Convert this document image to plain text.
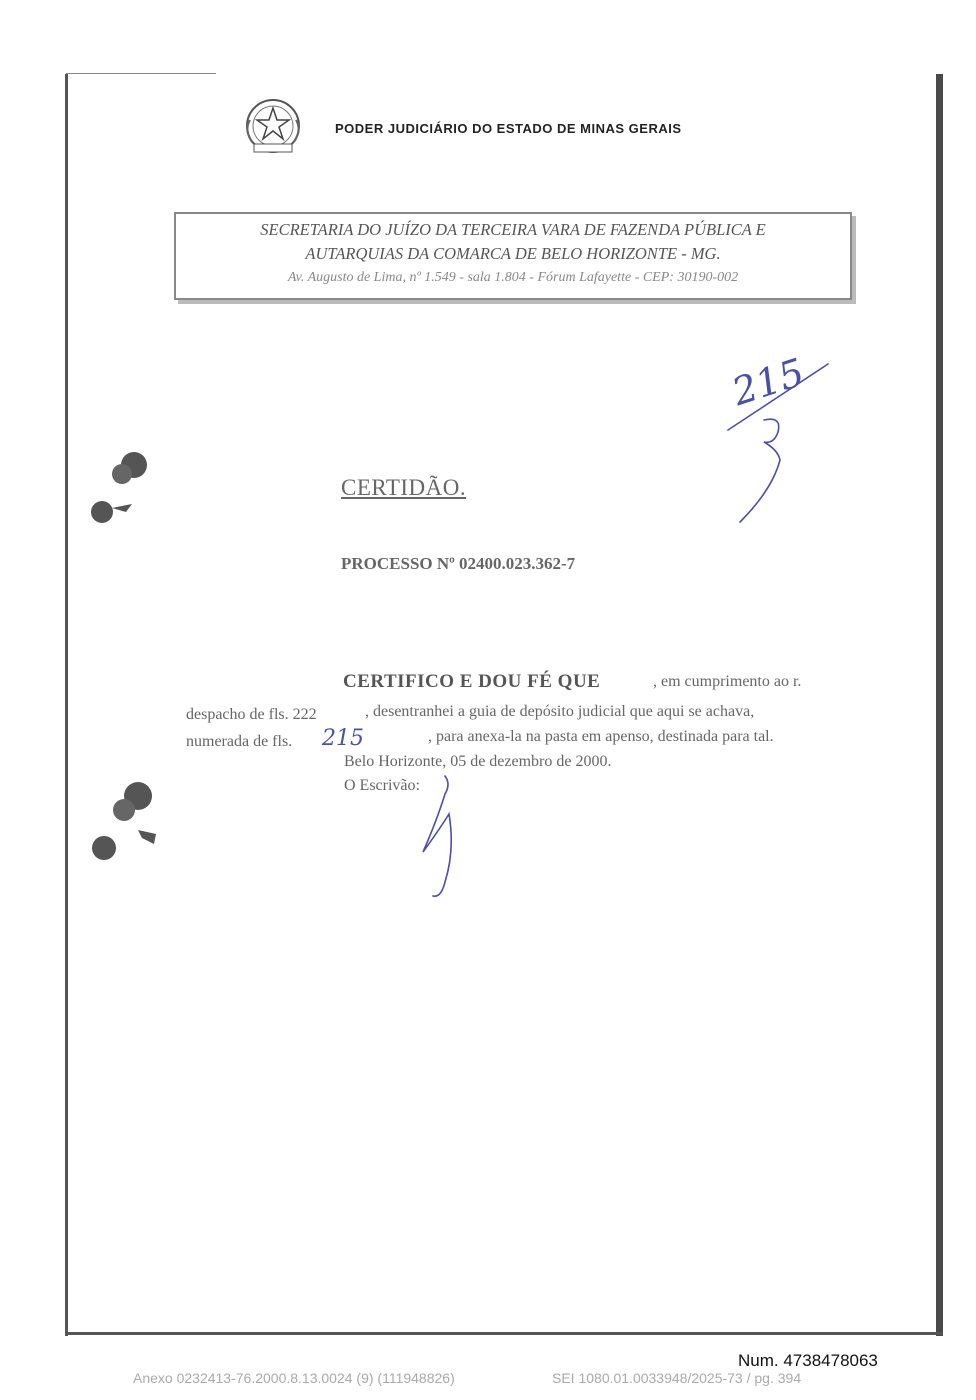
PODER JUDICIÁRIO DO ESTADO DE MINAS GERAIS
SECRETARIA DO JUÍZO DA TERCEIRA VARA DE FAZENDA PÚBLICA E
AUTARQUIAS DA COMARCA DE BELO HORIZONTE - MG.
Av. Augusto de Lima, nº 1.549 - sala 1.804 - Fórum Lafayette - CEP: 30190-002
215
CERTIDÃO.
PROCESSO Nº 02400.023.362-7
CERTIFICO E DOU FÉ QUE	, em cumprimento ao r.
despacho de fls. 222	, desentranhei a guia de depósito judicial que aqui se achava,
numerada de fls. 215	, para anexa-la na pasta em apenso, destinada para tal.
Belo Horizonte, 05 de dezembro de 2000.
O Escrivão:
Num. 4738478063
Anexo 0232413-76.2000.8.13.0024 (9) (111948826)	SEI 1080.01.0033948/2025-73 / pg. 394
